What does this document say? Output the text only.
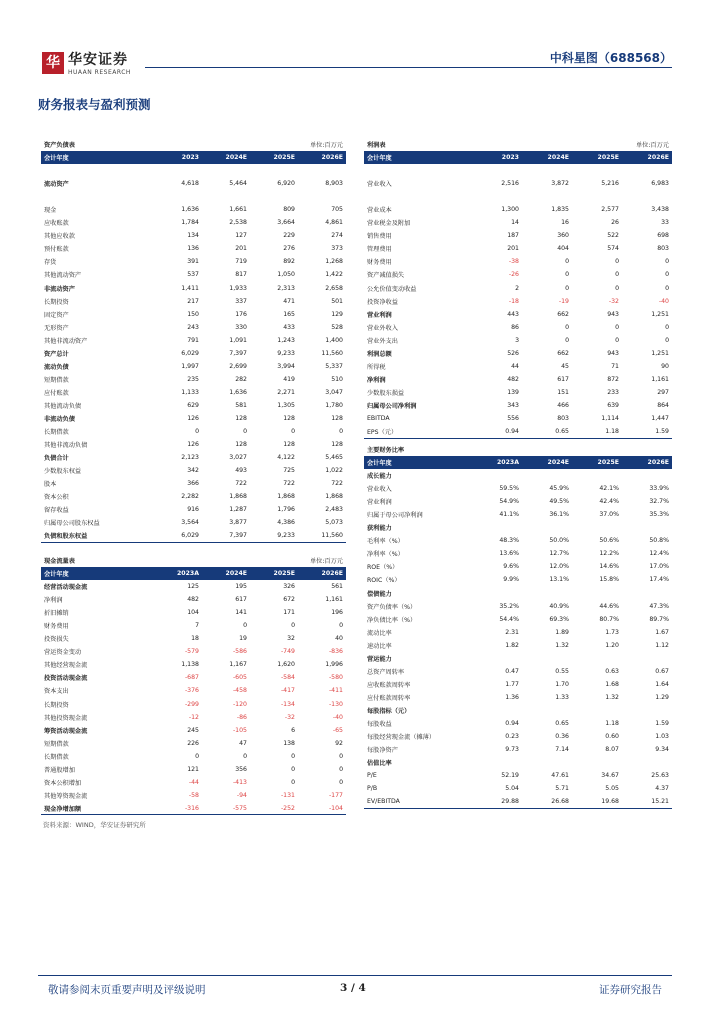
华 华安证券
HUAAN RESEARCH
中科星图（688568）
财务报表与盈利预测
资产负债表			单位:百万元	
会计年度	2023	2024E	2025E	2026E

流动资产	4,618	5,464	6,920	8,903

现金	1,636	1,661	809	705
应收账款	1,784	2,538	3,664	4,861
其他应收款	134	127	229	274
预付账款	136	201	276	373
存货	391	719	892	1,268
其他流动资产	537	817	1,050	1,422
非流动资产	1,411	1,933	2,313	2,658
长期投资	217	337	471	501
固定资产	150	176	165	129
无形资产	243	330	433	528
其他非流动资产	791	1,091	1,243	1,400
资产总计	6,029	7,397	9,233	11,560
流动负债	1,997	2,699	3,994	5,337
短期借款	235	282	419	510
应付账款	1,133	1,636	2,271	3,047
其他流动负债	629	581	1,305	1,780
非流动负债	126	128	128	128
长期借款	0	0	0	0
其他非流动负债	126	128	128	128
负债合计	2,123	3,027	4,122	5,465
少数股东权益	342	493	725	1,022
股本	366	722	722	722
资本公积	2,282	1,868	1,868	1,868
留存收益	916	1,287	1,796	2,483
归属母公司股东权益	3,564	3,877	4,386	5,073
负债和股东权益	6,029	7,397	9,233	11,560
现金流量表			单位:百万元	
会计年度	2023A	2024E	2025E	2026E
经营活动现金流	125	195	326	561
净利润	482	617	672	1,161
折旧摊销	104	141	171	196
财务费用	7	0	0	0
投资损失	18	19	32	40
营运资金变动	-579	-586	-749	-836
其他经营现金流	1,138	1,167	1,620	1,996
投资活动现金流	-687	-605	-584	-580
资本支出	-376	-458	-417	-411
长期投资	-299	-120	-134	-130
其他投资现金流	-12	-86	-32	-40
筹资活动现金流	245	-105	6	-65
短期借款	226	47	138	92
长期借款	0	0	0	0
普通股增加	121	356	0	0
资本公积增加	-44	-413	0	0
其他筹资现金流	-58	-94	-131	-177
现金净增加额	-316	-575	-252	-104
利润表			单位:百万元	
会计年度	2023	2024E	2025E	2026E

营业收入	2,516	3,872	5,216	6,983

营业成本	1,300	1,835	2,577	3,438
营业税金及附加	14	16	26	33
销售费用	187	360	522	698
管理费用	201	404	574	803
财务费用	-38	0	0	0
资产减值损失	-26	0	0	0
公允价值变动收益	2	0	0	0
投资净收益	-18	-19	-32	-40
营业利润	443	662	943	1,251
营业外收入	86	0	0	0
营业外支出	3	0	0	0
利润总额	526	662	943	1,251
所得税	44	45	71	90
净利润	482	617	872	1,161
少数股东损益	139	151	233	297
归属母公司净利润	343	466	639	864
EBITDA	556	803	1,114	1,447
EPS（元）	0.94	0.65	1.18	1.59
主要财务比率				
会计年度	2023A	2024E	2025E	2026E
成长能力				
营业收入	59.5%	45.9%	42.1%	33.9%
营业利润	54.9%	49.5%	42.4%	32.7%
归属于母公司净利润	41.1%	36.1%	37.0%	35.3%
获利能力				
毛利率（%）	48.3%	50.0%	50.6%	50.8%
净利率（%）	13.6%	12.7%	12.2%	12.4%
ROE（%）	9.6%	12.0%	14.6%	17.0%
ROIC（%）	9.9%	13.1%	15.8%	17.4%
偿债能力				
资产负债率（%）	35.2%	40.9%	44.6%	47.3%
净负债比率（%）	54.4%	69.3%	80.7%	89.7%
流动比率	2.31	1.89	1.73	1.67
速动比率	1.82	1.32	1.20	1.12
营运能力				
总资产周转率	0.47	0.55	0.63	0.67
应收账款周转率	1.77	1.70	1.68	1.64
应付账款周转率	1.36	1.33	1.32	1.29
每股指标（元）				
每股收益	0.94	0.65	1.18	1.59
每股经营现金流（摊薄）	0.23	0.36	0.60	1.03
每股净资产	9.73	7.14	8.07	9.34
估值比率				
P/E	52.19	47.61	34.67	25.63
P/B	5.04	5.71	5.05	4.37
EV/EBITDA	29.88	26.68	19.68	15.21
资料来源：WIND，华安证券研究所
敬请参阅末页重要声明及评级说明	3 / 4	证券研究报告
